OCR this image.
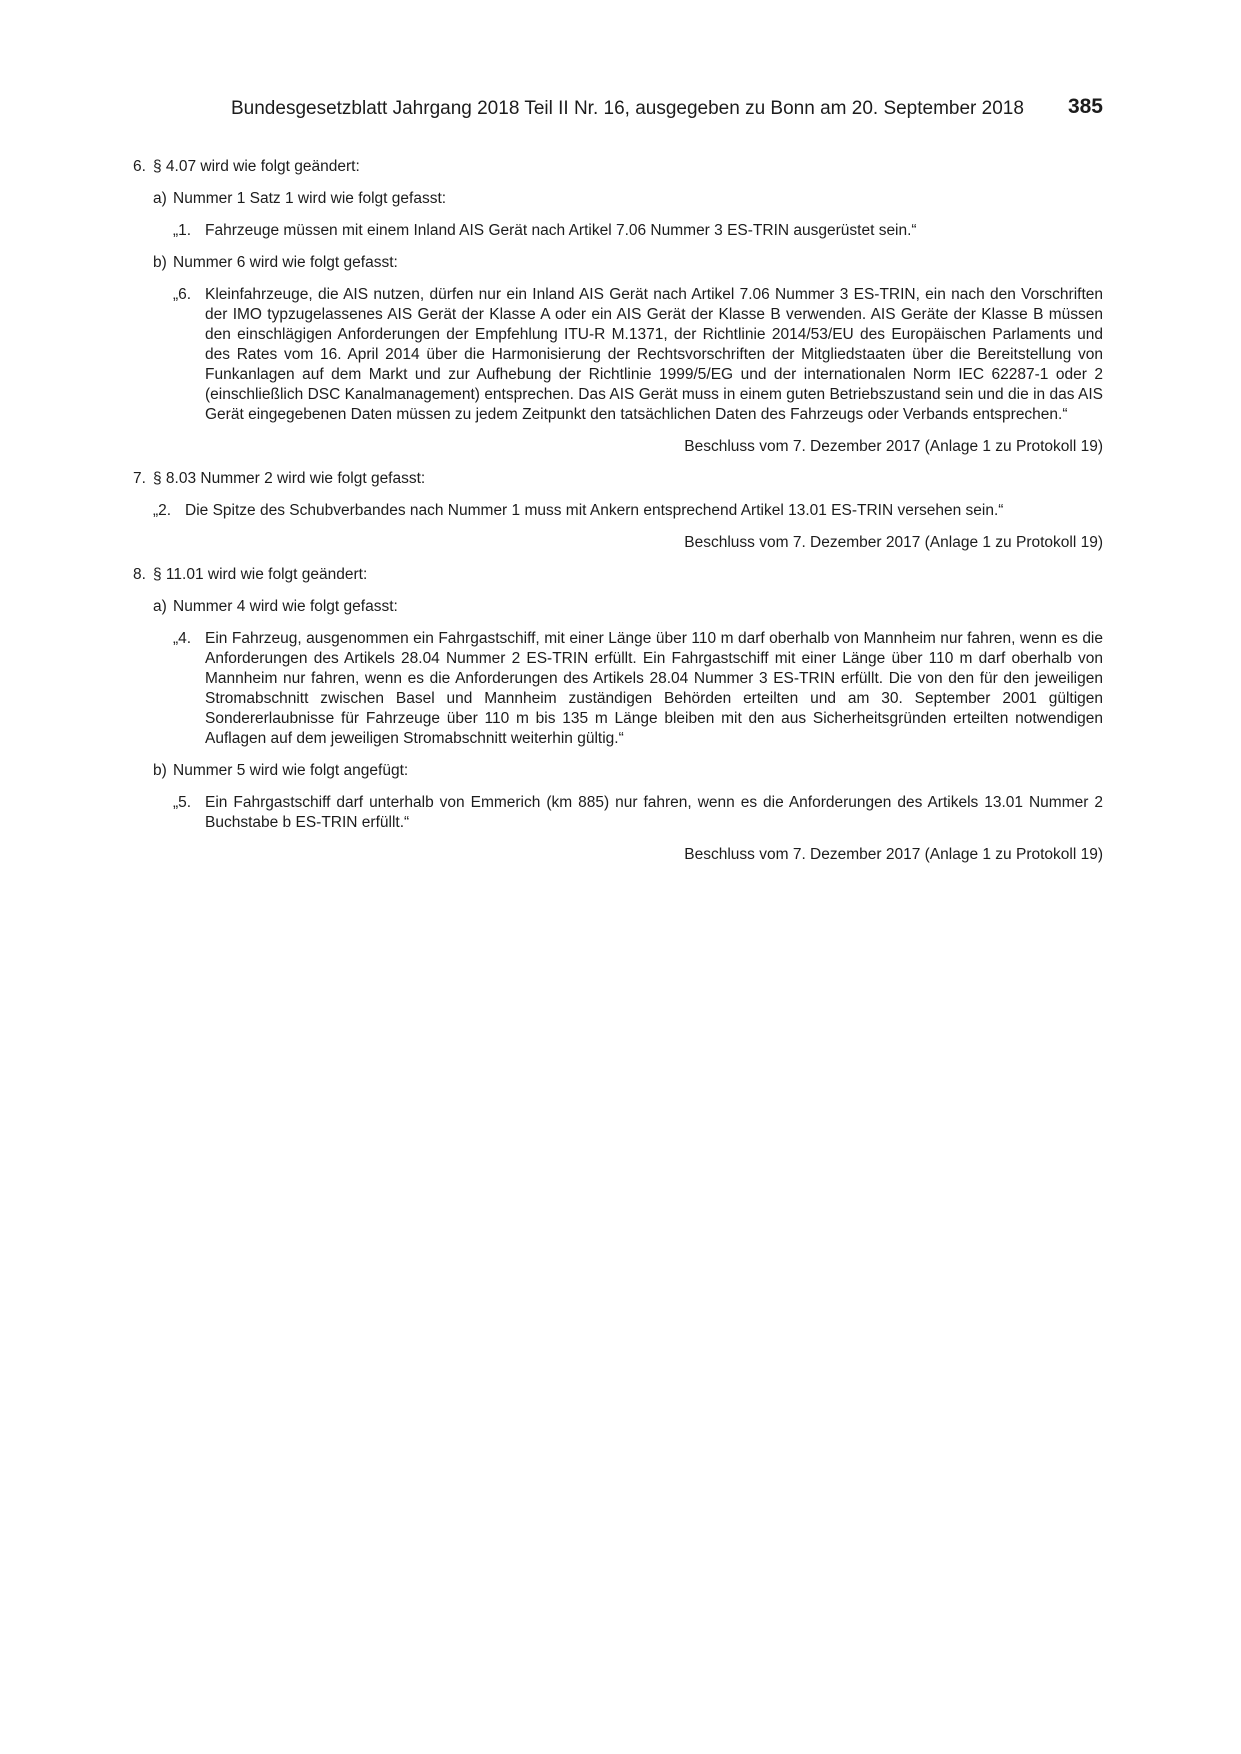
Bundesgesetzblatt Jahrgang 2018 Teil II Nr. 16, ausgegeben zu Bonn am 20. September 2018 385
6. § 4.07 wird wie folgt geändert:
a) Nummer 1 Satz 1 wird wie folgt gefasst:
„1. Fahrzeuge müssen mit einem Inland AIS Gerät nach Artikel 7.06 Nummer 3 ES-TRIN ausgerüstet sein.“
b) Nummer 6 wird wie folgt gefasst:
„6. Kleinfahrzeuge, die AIS nutzen, dürfen nur ein Inland AIS Gerät nach Artikel 7.06 Nummer 3 ES-TRIN, ein nach den Vorschriften der IMO typzugelassenes AIS Gerät der Klasse A oder ein AIS Gerät der Klasse B verwenden. AIS Geräte der Klasse B müssen den einschlägigen Anforderungen der Empfehlung ITU-R M.1371, der Richtlinie 2014/53/EU des Europäischen Parlaments und des Rates vom 16. April 2014 über die Harmonisierung der Rechtsvorschriften der Mitgliedstaaten über die Bereitstellung von Funkanlagen auf dem Markt und zur Aufhebung der Richtlinie 1999/5/EG und der internationalen Norm IEC 62287-1 oder 2 (einschließlich DSC Kanalmanagement) entsprechen. Das AIS Gerät muss in einem guten Betriebszustand sein und die in das AIS Gerät eingegebenen Daten müssen zu jedem Zeitpunkt den tatsächlichen Daten des Fahrzeugs oder Verbands entsprechen.“
Beschluss vom 7. Dezember 2017 (Anlage 1 zu Protokoll 19)
7. § 8.03 Nummer 2 wird wie folgt gefasst:
„2. Die Spitze des Schubverbandes nach Nummer 1 muss mit Ankern entsprechend Artikel 13.01 ES-TRIN versehen sein.“
Beschluss vom 7. Dezember 2017 (Anlage 1 zu Protokoll 19)
8. § 11.01 wird wie folgt geändert:
a) Nummer 4 wird wie folgt gefasst:
„4. Ein Fahrzeug, ausgenommen ein Fahrgastschiff, mit einer Länge über 110 m darf oberhalb von Mannheim nur fahren, wenn es die Anforderungen des Artikels 28.04 Nummer 2 ES-TRIN erfüllt. Ein Fahrgastschiff mit einer Länge über 110 m darf oberhalb von Mannheim nur fahren, wenn es die Anforderungen des Artikels 28.04 Nummer 3 ES-TRIN erfüllt. Die von den für den jeweiligen Stromabschnitt zwischen Basel und Mannheim zuständigen Behörden erteilten und am 30. September 2001 gültigen Sondererlaubnisse für Fahrzeuge über 110 m bis 135 m Länge bleiben mit den aus Sicherheitsgründen erteilten notwendigen Auflagen auf dem jeweiligen Stromabschnitt weiterhin gültig.“
b) Nummer 5 wird wie folgt angefügt:
„5. Ein Fahrgastschiff darf unterhalb von Emmerich (km 885) nur fahren, wenn es die Anforderungen des Artikels 13.01 Nummer 2 Buchstabe b ES-TRIN erfüllt.“
Beschluss vom 7. Dezember 2017 (Anlage 1 zu Protokoll 19)
